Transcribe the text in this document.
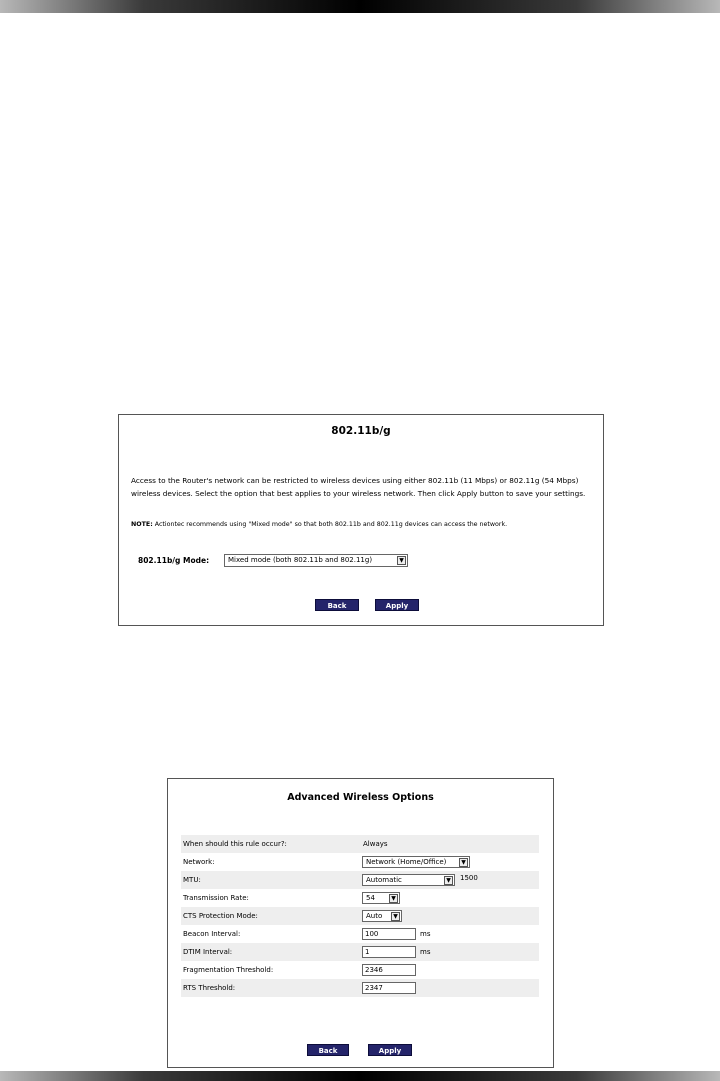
802.11b/g
Access to the Router's network can be restricted to wireless devices using either 802.11b (11 Mbps) or 802.11g (54 Mbps) wireless devices. Select the option that best applies to your wireless network. Then click Apply button to save your settings.
NOTE: Actiontec recommends using "Mixed mode" so that both 802.11b and 802.11g devices can access the network.
802.11b/g Mode:	Mixed mode (both 802.11b and 802.11g)	▼
Back	Apply
Advanced Wireless Options
When should this rule occur?:	Always
Network:	Network (Home/Office)	▼
MTU:	Automatic	▼	1500
Transmission Rate:	54	▼
CTS Protection Mode:	Auto	▼
Beacon Interval:	100	ms
DTIM Interval:	1	ms
Fragmentation Threshold:	2346
RTS Threshold:	2347
Back	Apply
